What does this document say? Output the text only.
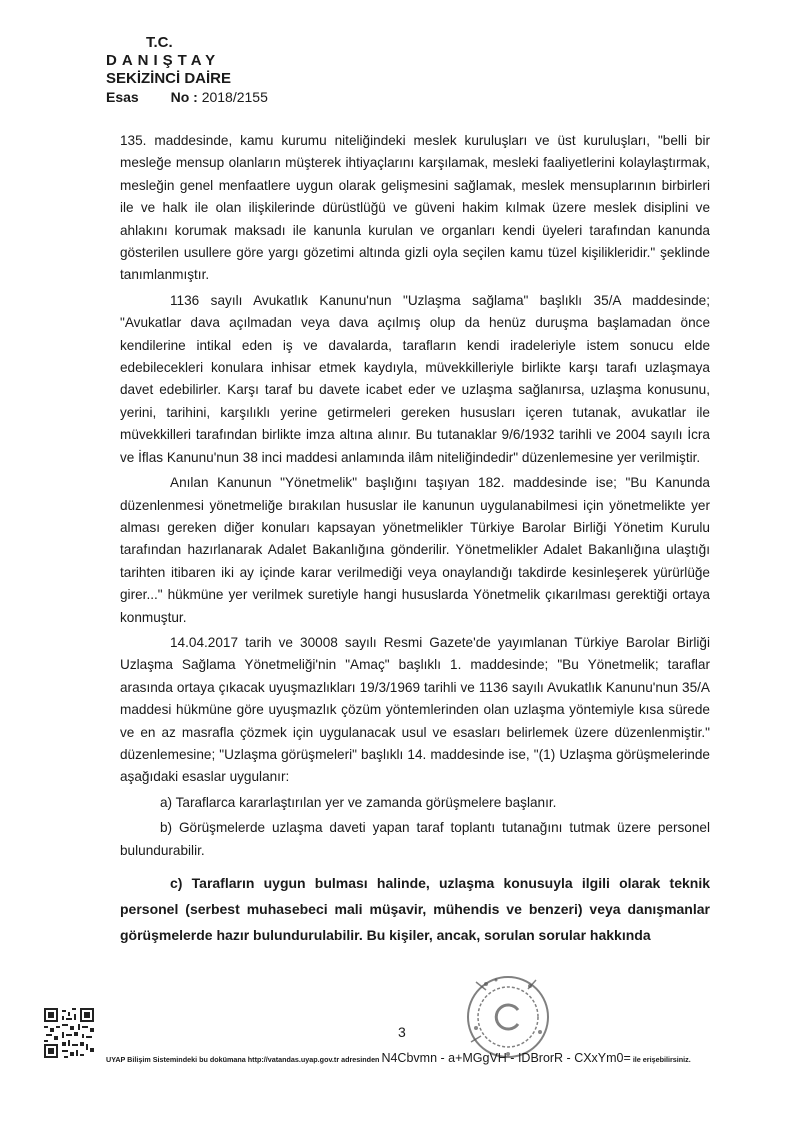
T.C.
DANIŞTAY
SEKİZİNCİ DAİRE
Esas No : 2018/2155

135. maddesinde, kamu kurumu niteliğindeki meslek kuruluşları ve üst kuruluşları, "belli bir mesleğe mensup olanların müşterek ihtiyaçlarını karşılamak, mesleki faaliyetlerini kolaylaştırmak, mesleğin genel menfaatlere uygun olarak gelişmesini sağlamak, meslek mensuplarının birbirleri ile ve halk ile olan ilişkilerinde dürüstlüğü ve güveni hakim kılmak üzere meslek disiplini ve ahlakını korumak maksadı ile kanunla kurulan ve organları kendi üyeleri tarafından kanunda gösterilen usullere göre yargı gözetimi altında gizli oyla seçilen kamu tüzel kişilikleridir." şeklinde tanımlanmıştır.

1136 sayılı Avukatlık Kanunu'nun "Uzlaşma sağlama" başlıklı 35/A maddesinde; "Avukatlar dava açılmadan veya dava açılmış olup da henüz duruşma başlamadan önce kendilerine intikal eden iş ve davalarda, tarafların kendi iradeleriyle istem sonucu elde edebilecekleri konulara inhisar etmek kaydıyla, müvekkilleriyle birlikte karşı tarafı uzlaşmaya davet edebilirler. Karşı taraf bu davete icabet eder ve uzlaşma sağlanırsa, uzlaşma konusunu, yerini, tarihini, karşılıklı yerine getirmeleri gereken hususları içeren tutanak, avukatlar ile müvekkilleri tarafından birlikte imza altına alınır. Bu tutanaklar 9/6/1932 tarihli ve 2004 sayılı İcra ve İflas Kanunu'nun 38 inci maddesi anlamında ilâm niteliğindedir" düzenlemesine yer verilmiştir.

Anılan Kanunun "Yönetmelik" başlığını taşıyan 182. maddesinde ise; "Bu Kanunda düzenlenmesi yönetmeliğe bırakılan hususlar ile kanunun uygulanabilmesi için yönetmelikte yer alması gereken diğer konuları kapsayan yönetmelikler Türkiye Barolar Birliği Yönetim Kurulu tarafından hazırlanarak Adalet Bakanlığına gönderilir. Yönetmelikler Adalet Bakanlığına ulaştığı tarihten itibaren iki ay içinde karar verilmediği veya onaylandığı takdirde kesinleşerek yürürlüğe girer..." hükmüne yer verilmek suretiyle hangi hususlarda Yönetmelik çıkarılması gerektiği ortaya konmuştur.

14.04.2017 tarih ve 30008 sayılı Resmi Gazete'de yayımlanan Türkiye Barolar Birliği Uzlaşma Sağlama Yönetmeliği'nin "Amaç" başlıklı 1. maddesinde; "Bu Yönetmelik; taraflar arasında ortaya çıkacak uyuşmazlıkları 19/3/1969 tarihli ve 1136 sayılı Avukatlık Kanunu'nun 35/A maddesi hükmüne göre uyuşmazlık çözüm yöntemlerinden olan uzlaşma yöntemiyle kısa sürede ve en az masrafla çözmek için uygulanacak usul ve esasları belirlemek üzere düzenlenmiştir." düzenlemesine; "Uzlaşma görüşmeleri" başlıklı 14. maddesinde ise, "(1) Uzlaşma görüşmelerinde aşağıdaki esaslar uygulanır:

a) Taraflarca kararlaştırılan yer ve zamanda görüşmelere başlanır.

b) Görüşmelerde uzlaşma daveti yapan taraf toplantı tutanağını tutmak üzere personel bulundurabilir.

c) Tarafların uygun bulması halinde, uzlaşma konusuyla ilgili olarak teknik personel (serbest muhasebeci mali müşavir, mühendis ve benzeri) veya danışmanlar görüşmelerde hazır bulundurulabilir. Bu kişiler, ancak, sorulan sorular hakkında

3
UYAP Bilişim Sistemindeki bu dokümana http://vatandas.uyap.gov.tr adresinden N4Cbvmn - a+MGgVH - IDBrorR - CXxYm0= ile erişebilirsiniz.
